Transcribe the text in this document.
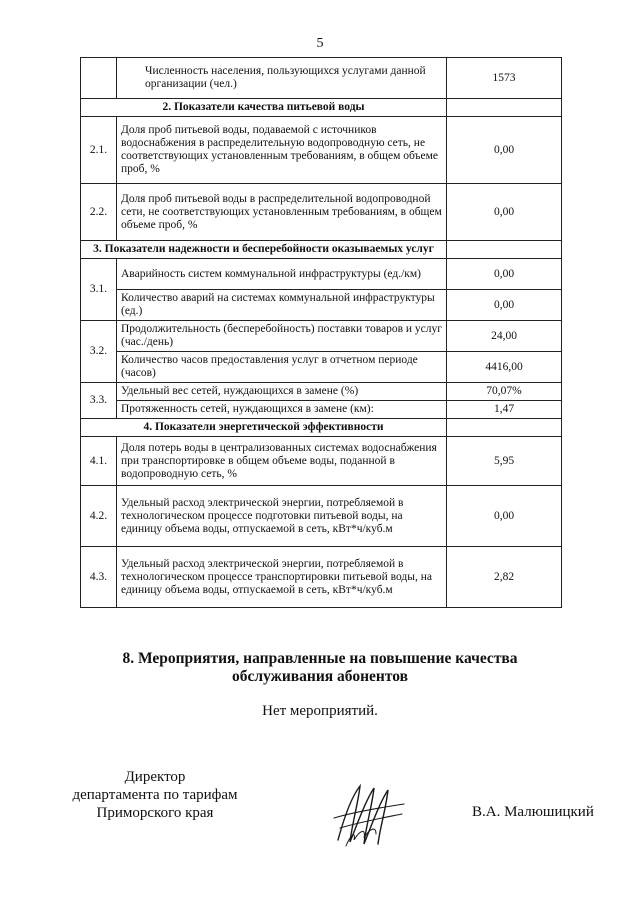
5
	Численность населения, пользующихся услугами данной организации (чел.)	1573
2. Показатели качества питьевой воды		
2.1.	Доля проб питьевой воды, подаваемой с источников водоснабжения в распределительную водопроводную сеть, не соответствующих установленным требованиям, в общем объеме проб, %	0,00
2.2.	Доля проб питьевой воды в распределительной водопроводной сети, не соответствующих установленным требованиям, в общем объеме проб, %	0,00
3. Показатели надежности и бесперебойности оказываемых услуг		
3.1.	Аварийность систем коммунальной инфраструктуры (ед./км)	0,00
	Количество аварий на системах коммунальной инфраструктуры (ед.)	0,00
3.2.	Продолжительность (бесперебойность) поставки товаров и услуг (час./день)	24,00
	Количество часов предоставления услуг в отчетном периоде (часов)	4416,00
3.3.	Удельный вес сетей, нуждающихся в замене (%)	70,07%
	Протяженность сетей, нуждающихся в замене (км):	1,47
4. Показатели энергетической эффективности		
4.1.	Доля потерь воды в централизованных системах водоснабжения при транспортировке в общем объеме воды, поданной в водопроводную сеть, %	5,95
4.2.	Удельный расход электрической энергии, потребляемой в технологическом процессе подготовки питьевой воды, на единицу объема воды, отпускаемой в сеть, кВт*ч/куб.м	0,00
4.3.	Удельный расход электрической энергии, потребляемой в технологическом процессе транспортировки питьевой воды, на единицу объема воды, отпускаемой в сеть, кВт*ч/куб.м	2,82
8. Мероприятия, направленные на повышение качества
обслуживания абонентов
Нет мероприятий.
Директор
департамента по тарифам
Приморского края	В.А. Малюшицкий
